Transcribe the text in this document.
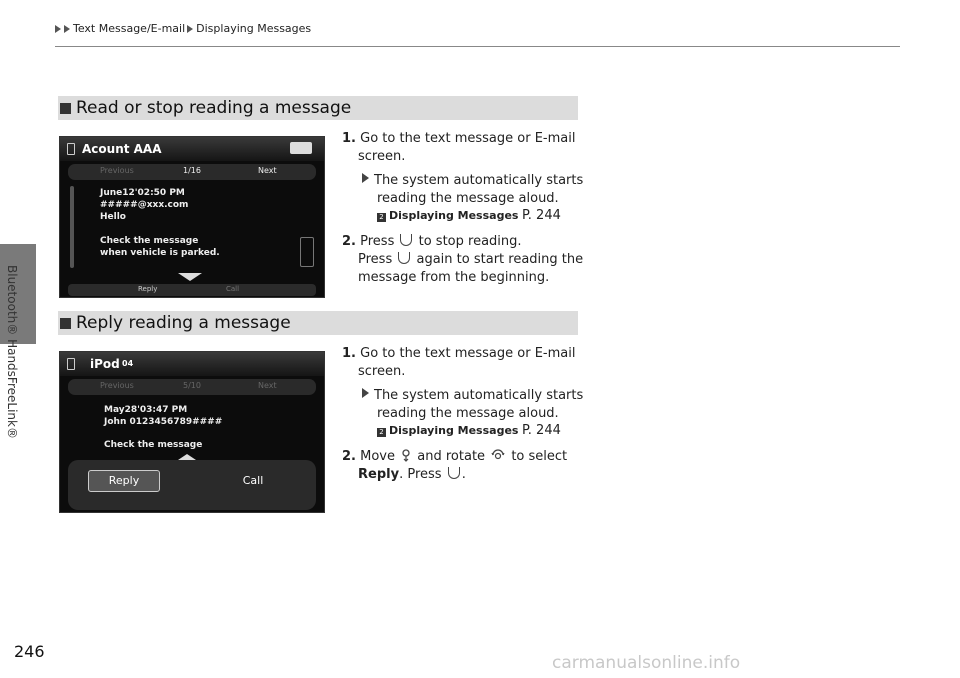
Text Message/E-mail Displaying Messages
Bluetooth® HandsFreeLink®
Read or stop reading a message
Acount AAA
Previous	1/16	Next
June12'02:50 PM
#####@xxx.com
Hello
Check the message
when vehicle is parked.
Reply	Call
1. Go to the text message or E-mail
screen.
The system automatically starts
reading the message aloud.
2 Displaying Messages P. 244
2. Press to stop reading.
Press again to start reading the
message from the beginning.
Reply reading a message
iPod 04
Previous	5/10	Next
May28'03:47 PM
John 0123456789####
Check the message
Reply	Call
1. Go to the text message or E-mail
screen.
The system automatically starts
reading the message aloud.
2 Displaying Messages P. 244
2. Move and rotate to select
Reply. Press .
246
carmanualsonline.info
